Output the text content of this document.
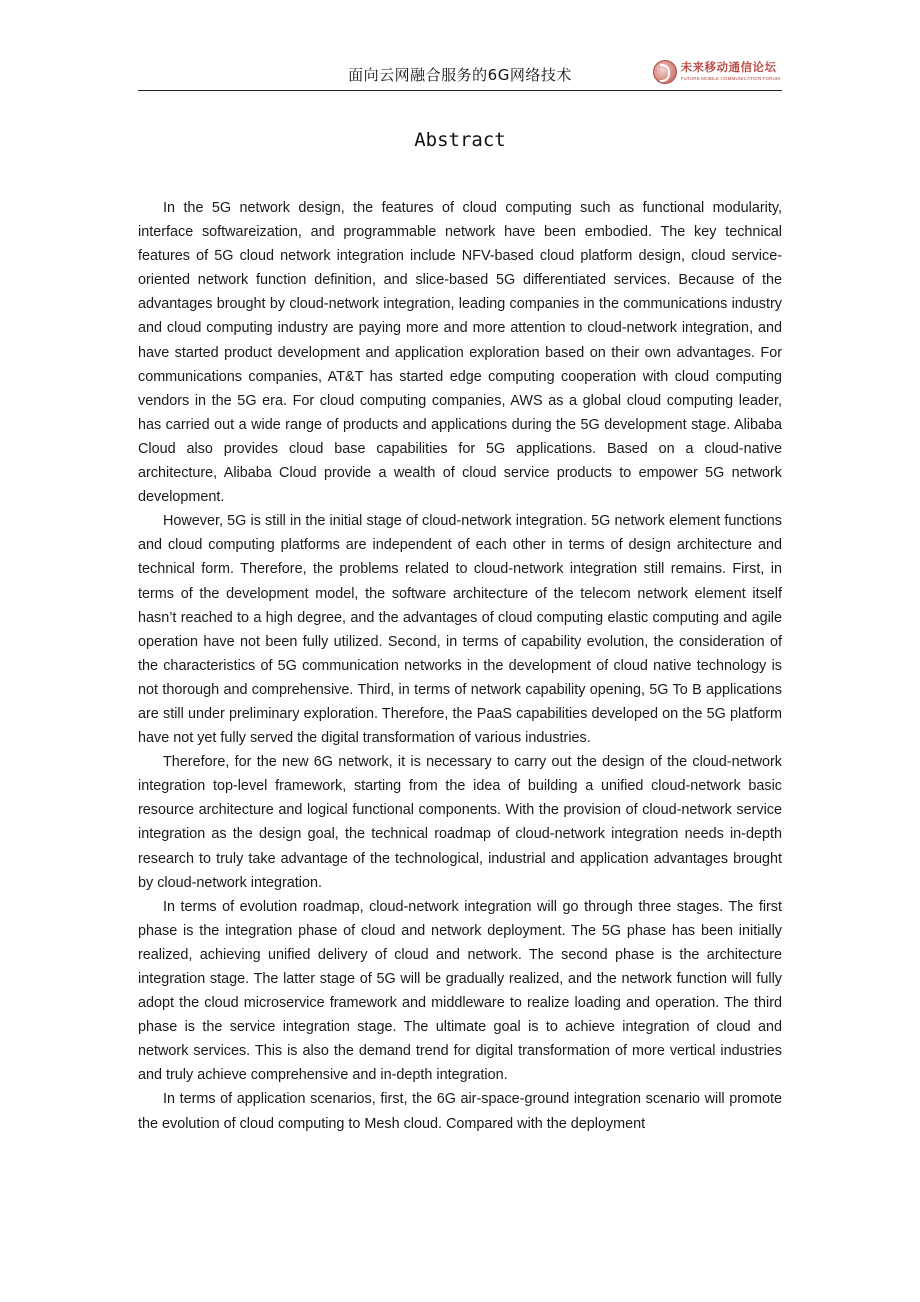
面向云网融合服务的6G网络技术	未来移动通信论坛
FUTURE MOBILE COMMUNICATION FORUM
Abstract

In the 5G network design, the features of cloud computing such as functional modularity, interface softwareization, and programmable network have been embodied. The key technical features of 5G cloud network integration include NFV-based cloud platform design, cloud service-oriented network function definition, and slice-based 5G differentiated services. Because of the advantages brought by cloud-network integration, leading companies in the communications industry and cloud computing industry are paying more and more attention to cloud-network integration, and have started product development and application exploration based on their own advantages. For communications companies, AT&T has started edge computing cooperation with cloud computing vendors in the 5G era. For cloud computing companies, AWS as a global cloud computing leader, has carried out a wide range of products and applications during the 5G development stage. Alibaba Cloud also provides cloud base capabilities for 5G applications. Based on a cloud-native architecture, Alibaba Cloud provide a wealth of cloud service products to empower 5G network development.

However, 5G is still in the initial stage of cloud-network integration. 5G network element functions and cloud computing platforms are independent of each other in terms of design architecture and technical form. Therefore, the problems related to cloud-network integration still remains. First, in terms of the development model, the software architecture of the telecom network element itself hasn’t reached to a high degree, and the advantages of cloud computing elastic computing and agile operation have not been fully utilized. Second, in terms of capability evolution, the consideration of the characteristics of 5G communication networks in the development of cloud native technology is not thorough and comprehensive. Third, in terms of network capability opening, 5G To B applications are still under preliminary exploration. Therefore, the PaaS capabilities developed on the 5G platform have not yet fully served the digital transformation of various industries.

Therefore, for the new 6G network, it is necessary to carry out the design of the cloud-network integration top-level framework, starting from the idea of building a unified cloud-network basic resource architecture and logical functional components. With the provision of cloud-network service integration as the design goal, the technical roadmap of cloud-network integration needs in-depth research to truly take advantage of the technological, industrial and application advantages brought by cloud-network integration.

In terms of evolution roadmap, cloud-network integration will go through three stages. The first phase is the integration phase of cloud and network deployment. The 5G phase has been initially realized, achieving unified delivery of cloud and network. The second phase is the architecture integration stage. The latter stage of 5G will be gradually realized, and the network function will fully adopt the cloud microservice framework and middleware to realize loading and operation. The third phase is the service integration stage. The ultimate goal is to achieve integration of cloud and network services. This is also the demand trend for digital transformation of more vertical industries and truly achieve comprehensive and in-depth integration.

In terms of application scenarios, first, the 6G air-space-ground integration scenario will promote the evolution of cloud computing to Mesh cloud. Compared with the deployment
